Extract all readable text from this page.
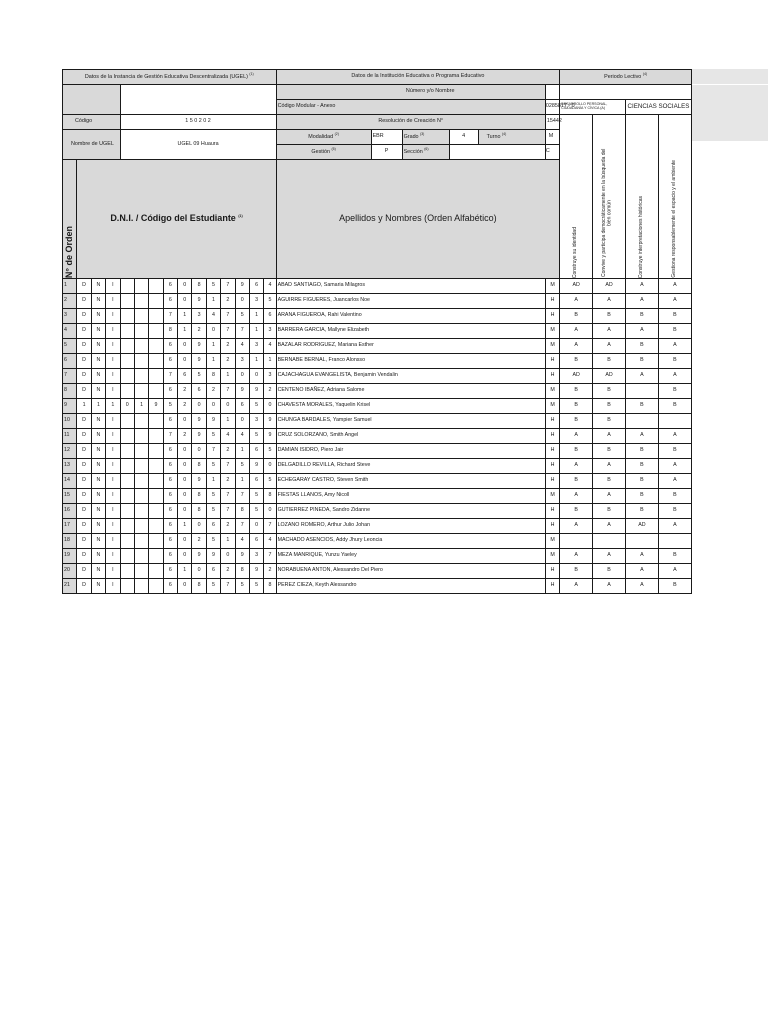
Datos de la Instancia de Gestión Educativa Descentralizada (UGEL) $^{(1)}$	Datos de la Institución Educativa o Programa Educativo	Periodo Lectivo $^{(4)}$
		Número y/o Nombre		
Código Modular - Anexo	0285817 - 0	DESARROLLO PERSONAL, CIUDADANÍA Y CÍVICA (A)	CIENCIAS SOCIALES
Código	1 5 0 2 0 2	Resolución de Creación N°	15442	
Construye su identidad	Convive y participa democráticamente en la búsqueda del bien común	Construye interpretaciones históricas	Gestiona responsablemente el espacio y el ambiente

Nombre de UGEL	UGEL 09 Huaura	
Modalidad $^{(2)}$	EBR	Grado $^{(3)}$	4	Turno $^{(4)}$
		M

Gestión $^{(5)}$	P	Sección $^{(6)}$	
		C

N° de Orden
	D.N.I. / Código del Estudiante $^{(1)}$	Apellidos y Nombres (Orden Alfabético)

1	D	N	I				6	0	8	5	7	9	6	4	ABAD SANTIAGO, Samaria Milagros	M	AD	AD	A	A
2	D	N	I				6	0	9	1	2	0	3	5	AGUIRRE FIGUERES, Juancarlos Noe	H	A	A	A	A
3	D	N	I				7	1	3	4	7	5	1	6	ARANA FIGUEROA, Rahi Valentino	H	B	B	B	B
4	D	N	I				8	1	2	0	7	7	1	3	BARRERA GARCIA, Mallyne Elizabeth	M	A	A	A	B
5	D	N	I				6	0	9	1	2	4	3	4	BAZALAR RODRIGUEZ, Mariana Esther	M	A	A	B	A
6	D	N	I				6	0	9	1	2	3	1	1	BERNABE BERNAL, Franco Alonsso	H	B	B	B	B
7	D	N	I				7	6	5	8	1	0	0	3	CAJACHAGUA EVANGELISTA, Benjamin Vendalin	H	AD	AD	A	A
8	D	N	I				6	2	6	2	7	9	9	2	CENTENO IBAÑEZ, Adriana Salome	M	B	B		B
9	1	1	1	0	1	9	5	2	0	0	0	6	5	0	CHAVESTA MORALES, Yaquelin Krisel	M	B	B	B	B
10	D	N	I				6	0	9	9	1	0	3	9	CHUNGA BARDALES, Yampier Samuel	H	B	B		
11	D	N	I				7	2	9	5	4	4	5	9	CRUZ SOLORZANO, Smith Angel	H	A	A	A	A
12	D	N	I				6	0	0	7	2	1	6	5	DAMIAN ISIDRO, Piero Jair	H	B	B	B	B
13	D	N	I				6	0	8	5	7	5	9	0	DELGADILLO REVILLA, Richard Steve	H	A	A	B	A
14	D	N	I				6	0	9	1	2	1	6	5	ECHEGARAY CASTRO, Steven Smith	H	B	B	B	A
15	D	N	I				6	0	8	5	7	7	5	8	FIESTAS LLANOS, Amy Nicoll	M	A	A	B	B
16	D	N	I				6	0	8	5	7	8	5	0	GUTIERREZ PINEDA, Sandro Zidanne	H	B	B	B	B
17	D	N	I				6	1	0	6	2	7	0	7	LOZANO ROMERO, Arthur Julio Johan	H	A	A	AD	A
18	D	N	I				6	0	2	5	1	4	6	4	MACHADO ASENCIOS, Addy Jhury Leoncia	M				
19	D	N	I				6	0	9	9	0	9	3	7	MEZA MANRIQUE, Yunzu Yaeley	M	A	A	A	B
20	D	N	I				6	1	0	6	2	8	9	2	NORABUENA ANTON, Alessandro Del Piero	H	B	B	A	A
21	D	N	I				6	0	8	5	7	5	5	8	PEREZ CIEZA, Keyth Alessandro	H	A	A	A	B
